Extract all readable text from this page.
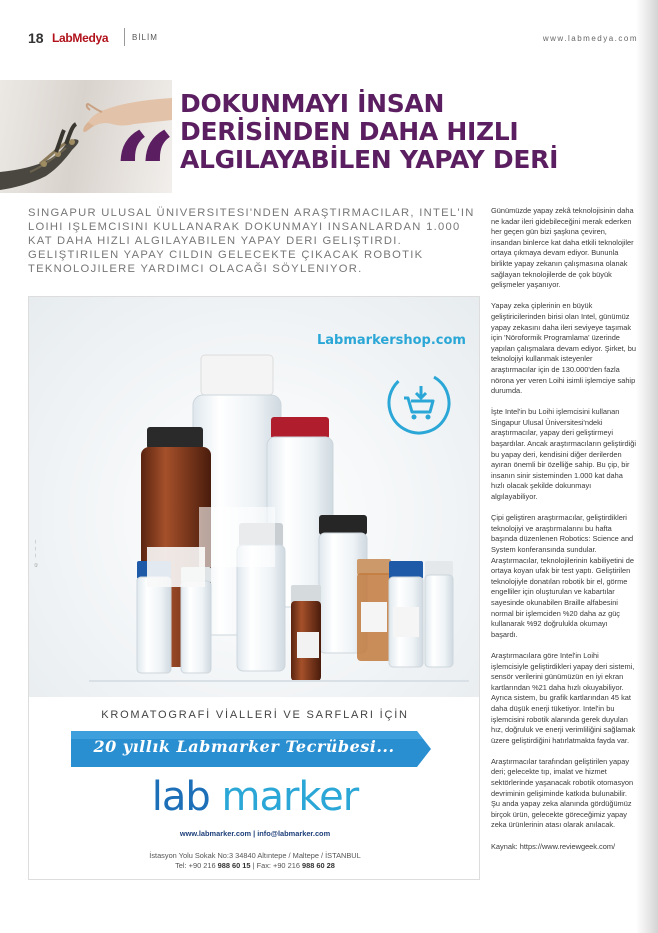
18 LabMedya	BİLİM	www.labmedya.com
“
DOKUNMAYI İNSAN
DERİSİNDEN DAHA HIZLI
ALGILAYABİLEN YAPAY DERİ

SINGAPUR ULUSAL ÜNIVERSITESI'NDEN ARAŞTIRMACILAR, INTEL'IN LOIHI IŞLEMCISINI KULLANARAK DOKUNMAYI INSANLARDAN 1.000 KAT DAHA HIZLI ALGILAYABILEN YAPAY DERI GELIŞTIRDI. GELIŞTIRILEN YAPAY CILDIN GELECEKTE ÇIKACAK ROBOTIK TEKNOLOJILERE YARDIMCI OLACAĞI SÖYLENIYOR.

Günümüzde yapay zekâ teknolojisinin daha ne kadar ileri gidebileceğini merak ederken her geçen gün bizi şaşkına çeviren, insandan binlerce kat daha etkili teknolojiler ortaya çıkmaya devam ediyor. Bununla birlikte yapay zekanın çalışmasına olanak sağlayan teknolojilerde de çok büyük gelişmeler yaşanıyor.

Yapay zeka çiplerinin en büyük geliştiricilerinden birisi olan Intel, günümüz yapay zekasını daha ileri seviyeye taşımak için 'Nöroformik Programlama' üzerinde yapılan çalışmalara devam ediyor. Şirket, bu teknolojiyi kullanmak isteyenler araştırmacılar için de 130.000'den fazla nörona yer veren Loihi isimli işlemciye sahip durumda.

İşte Intel'in bu Loihi işlemcisini kullanan Singapur Ulusal Üniversitesi'ndeki araştırmacılar, yapay deri geliştirmeyi başardılar. Ancak araştırmacıların geliştirdiği bu yapay deri, kendisini diğer derilerden ayıran önemli bir özelliğe sahip. Bu çip, bir insanın sinir sisteminden 1.000 kat daha hızlı olacak şekilde dokunmayı algılayabiliyor.

Çipi geliştiren araştırmacılar, geliştirdikleri teknolojiyi ve araştırmalarını bu hafta başında düzenlenen Robotics: Science and System konferansında sundular. Araştırmacılar, teknolojilerinin kabiliyetini de ortaya koyan ufak bir test yaptı. Geliştirilen teknolojiyle donatılan robotik bir el, görme engelliler için oluşturulan ve kabartılar sayesinde okunabilen Braille alfabesini normal bir işlemciden %20 daha az güç kullanarak %92 doğrulukla okumayı başardı.

Araştırmacılara göre Intel'in Loihi işlemcisiyle geliştirdikleri yapay deri sistemi, sensör verilerini günümüzün en iyi ekran kartlarından %21 daha hızlı okuyabiliyor. Ayrıca sistem, bu grafik kartlarından 45 kat daha düşük enerji tüketiyor. Intel'in bu işlemcisini robotik alanında gerek duyulan hız, doğruluk ve enerji verimliliğini sağlamak üzere geliştirdiğini hatırlatmakta fayda var.

Araştırmacılar tarafından geliştirilen yapay deri; gelecekte tıp, imalat ve hizmet sektörlerinde yaşanacak robotik otomasyon devriminin gelişiminde katkıda bulunabilir. Şu anda yapay zeka alanında gördüğümüz birçok ürün, gelecekte göreceğimiz yapay zeka ürünlerinin atası olarak anılacak.

Kaynak: https://www.reviewgeek.com/

Labmarkershop.com
KROMATOGRAFİ VİALLERİ VE SARFLARI İÇİN
20 yıllık Labmarker Tecrübesi...
lab marker
www.labmarker.com | info@labmarker.com
İstasyon Yolu Sokak No:3 34840 Altıntepe / Maltepe / İSTANBUL
Tel: +90 216 988 60 15 | Fax: +90 216 988 60 28
© ─ ─ ─
